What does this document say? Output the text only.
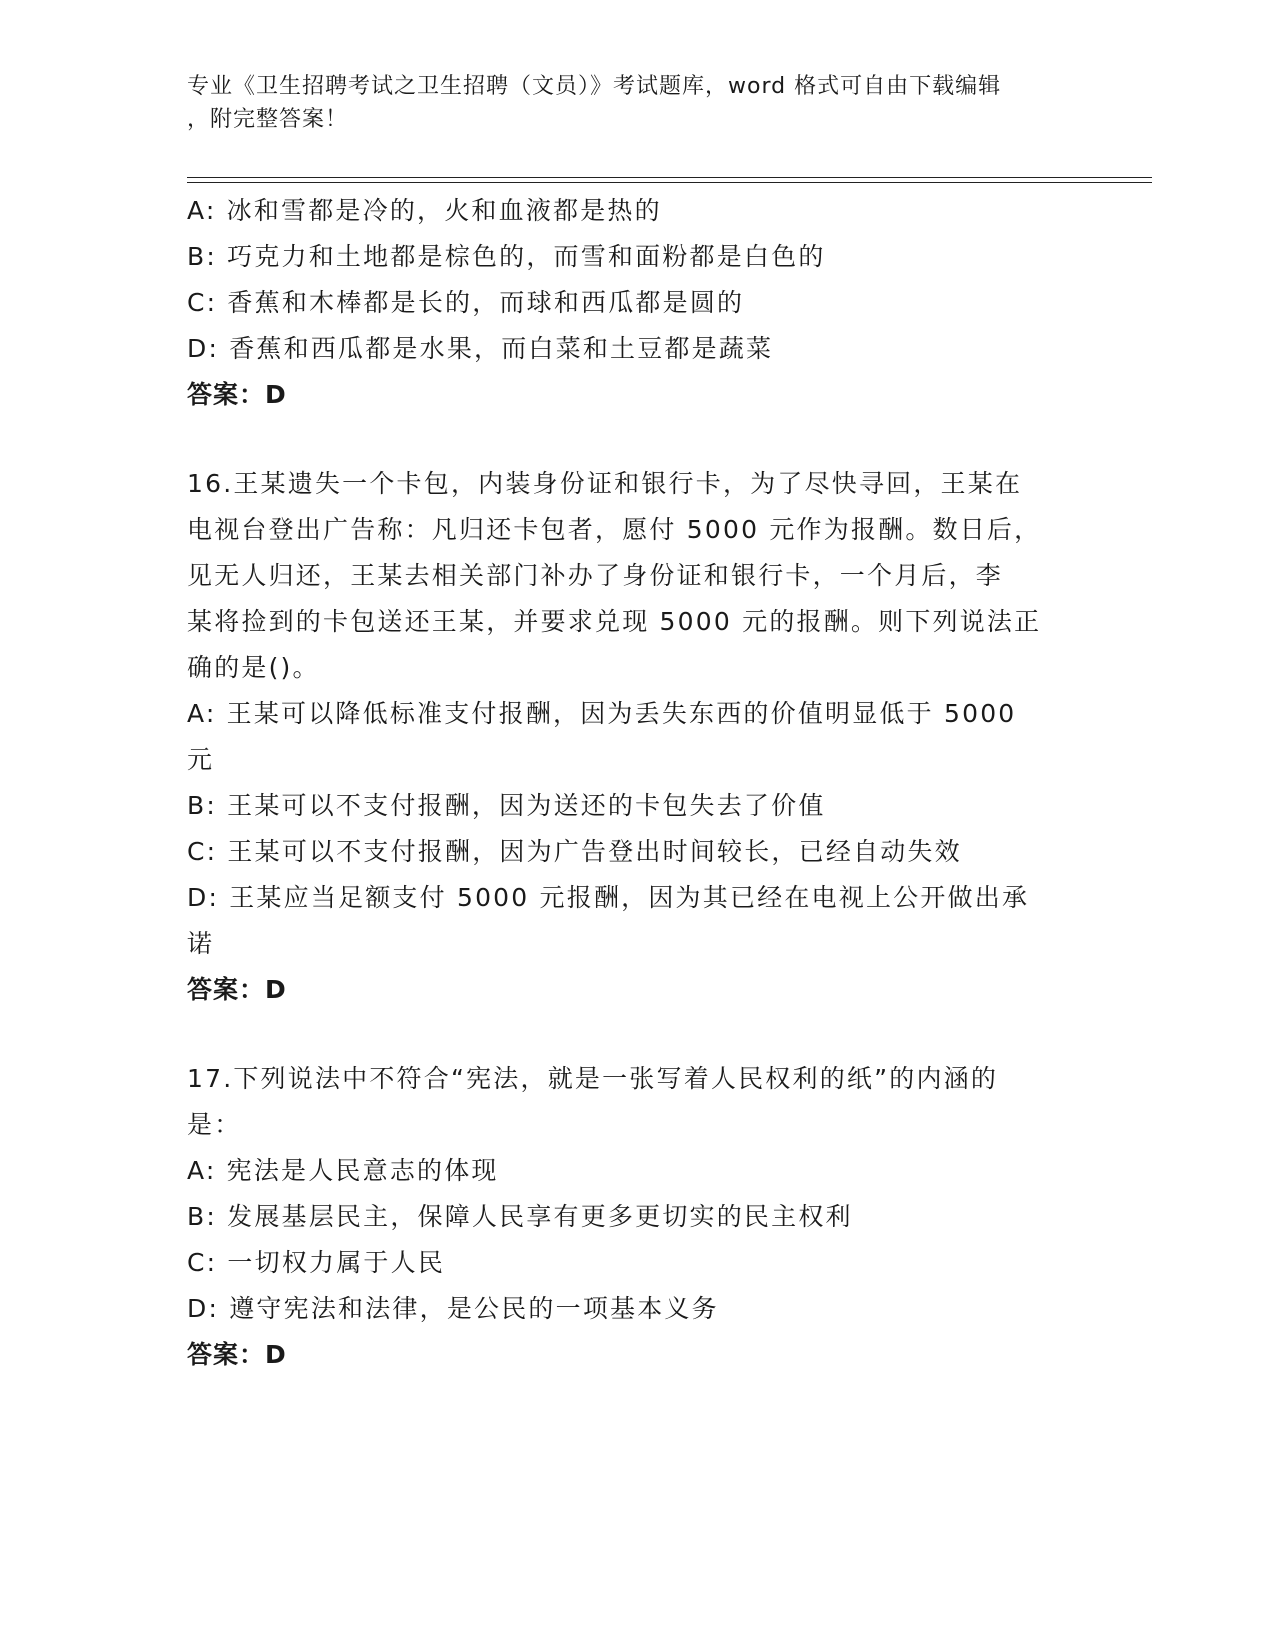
专业《卫生招聘考试之卫生招聘（文员）》考试题库，word 格式可自由下载编辑
，附完整答案！
A: 冰和雪都是冷的，火和血液都是热的
B: 巧克力和土地都是棕色的，而雪和面粉都是白色的
C: 香蕉和木棒都是长的，而球和西瓜都是圆的
D: 香蕉和西瓜都是水果，而白菜和土豆都是蔬菜
答案：D
16.王某遗失一个卡包，内装身份证和银行卡，为了尽快寻回，王某在
电视台登出广告称：凡归还卡包者，愿付 5000 元作为报酬。数日后，
见无人归还，王某去相关部门补办了身份证和银行卡，一个月后，李
某将捡到的卡包送还王某，并要求兑现 5000 元的报酬。则下列说法正
确的是()。
A: 王某可以降低标准支付报酬，因为丢失东西的价值明显低于 5000
元
B: 王某可以不支付报酬，因为送还的卡包失去了价值
C: 王某可以不支付报酬，因为广告登出时间较长，已经自动失效
D: 王某应当足额支付 5000 元报酬，因为其已经在电视上公开做出承
诺
答案：D
17.下列说法中不符合“宪法，就是一张写着人民权利的纸”的内涵的
是：
A: 宪法是人民意志的体现
B: 发展基层民主，保障人民享有更多更切实的民主权利
C: 一切权力属于人民
D: 遵守宪法和法律，是公民的一项基本义务
答案：D
